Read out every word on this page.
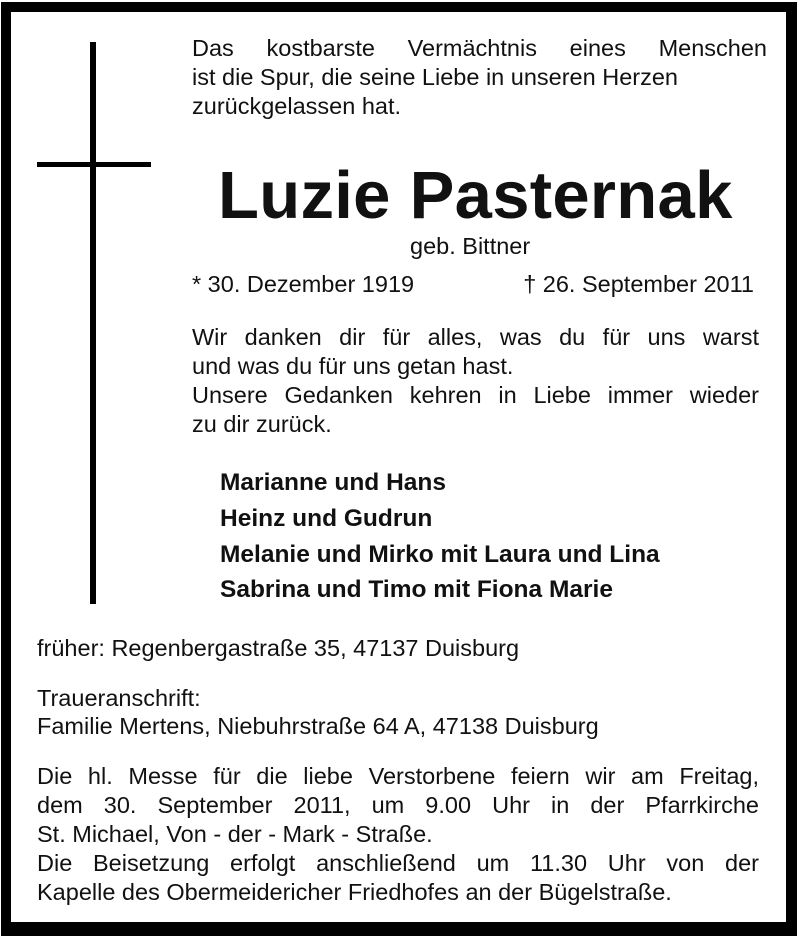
Das kostbarste Vermächtnis eines Menschen
ist die Spur, die seine Liebe in unseren Herzen
zurückgelassen hat.
Luzie Pasternak
geb. Bittner
* 30. Dezember 1919	† 26. September 2011
Wir danken dir für alles, was du für uns warst
und was du für uns getan hast.
Unsere Gedanken kehren in Liebe immer wieder
zu dir zurück.
Marianne und Hans
Heinz und Gudrun
Melanie und Mirko mit Laura und Lina
Sabrina und Timo mit Fiona Marie
früher: Regenbergastraße 35, 47137 Duisburg
Traueranschrift:
Familie Mertens, Niebuhrstraße 64 A, 47138 Duisburg
Die hl. Messe für die liebe Verstorbene feiern wir am Freitag,
dem 30. September 2011, um 9.00 Uhr in der Pfarrkirche
St. Michael, Von - der - Mark - Straße.
Die Beisetzung erfolgt anschließend um 11.30 Uhr von der
Kapelle des Obermeidericher Friedhofes an der Bügelstraße.
